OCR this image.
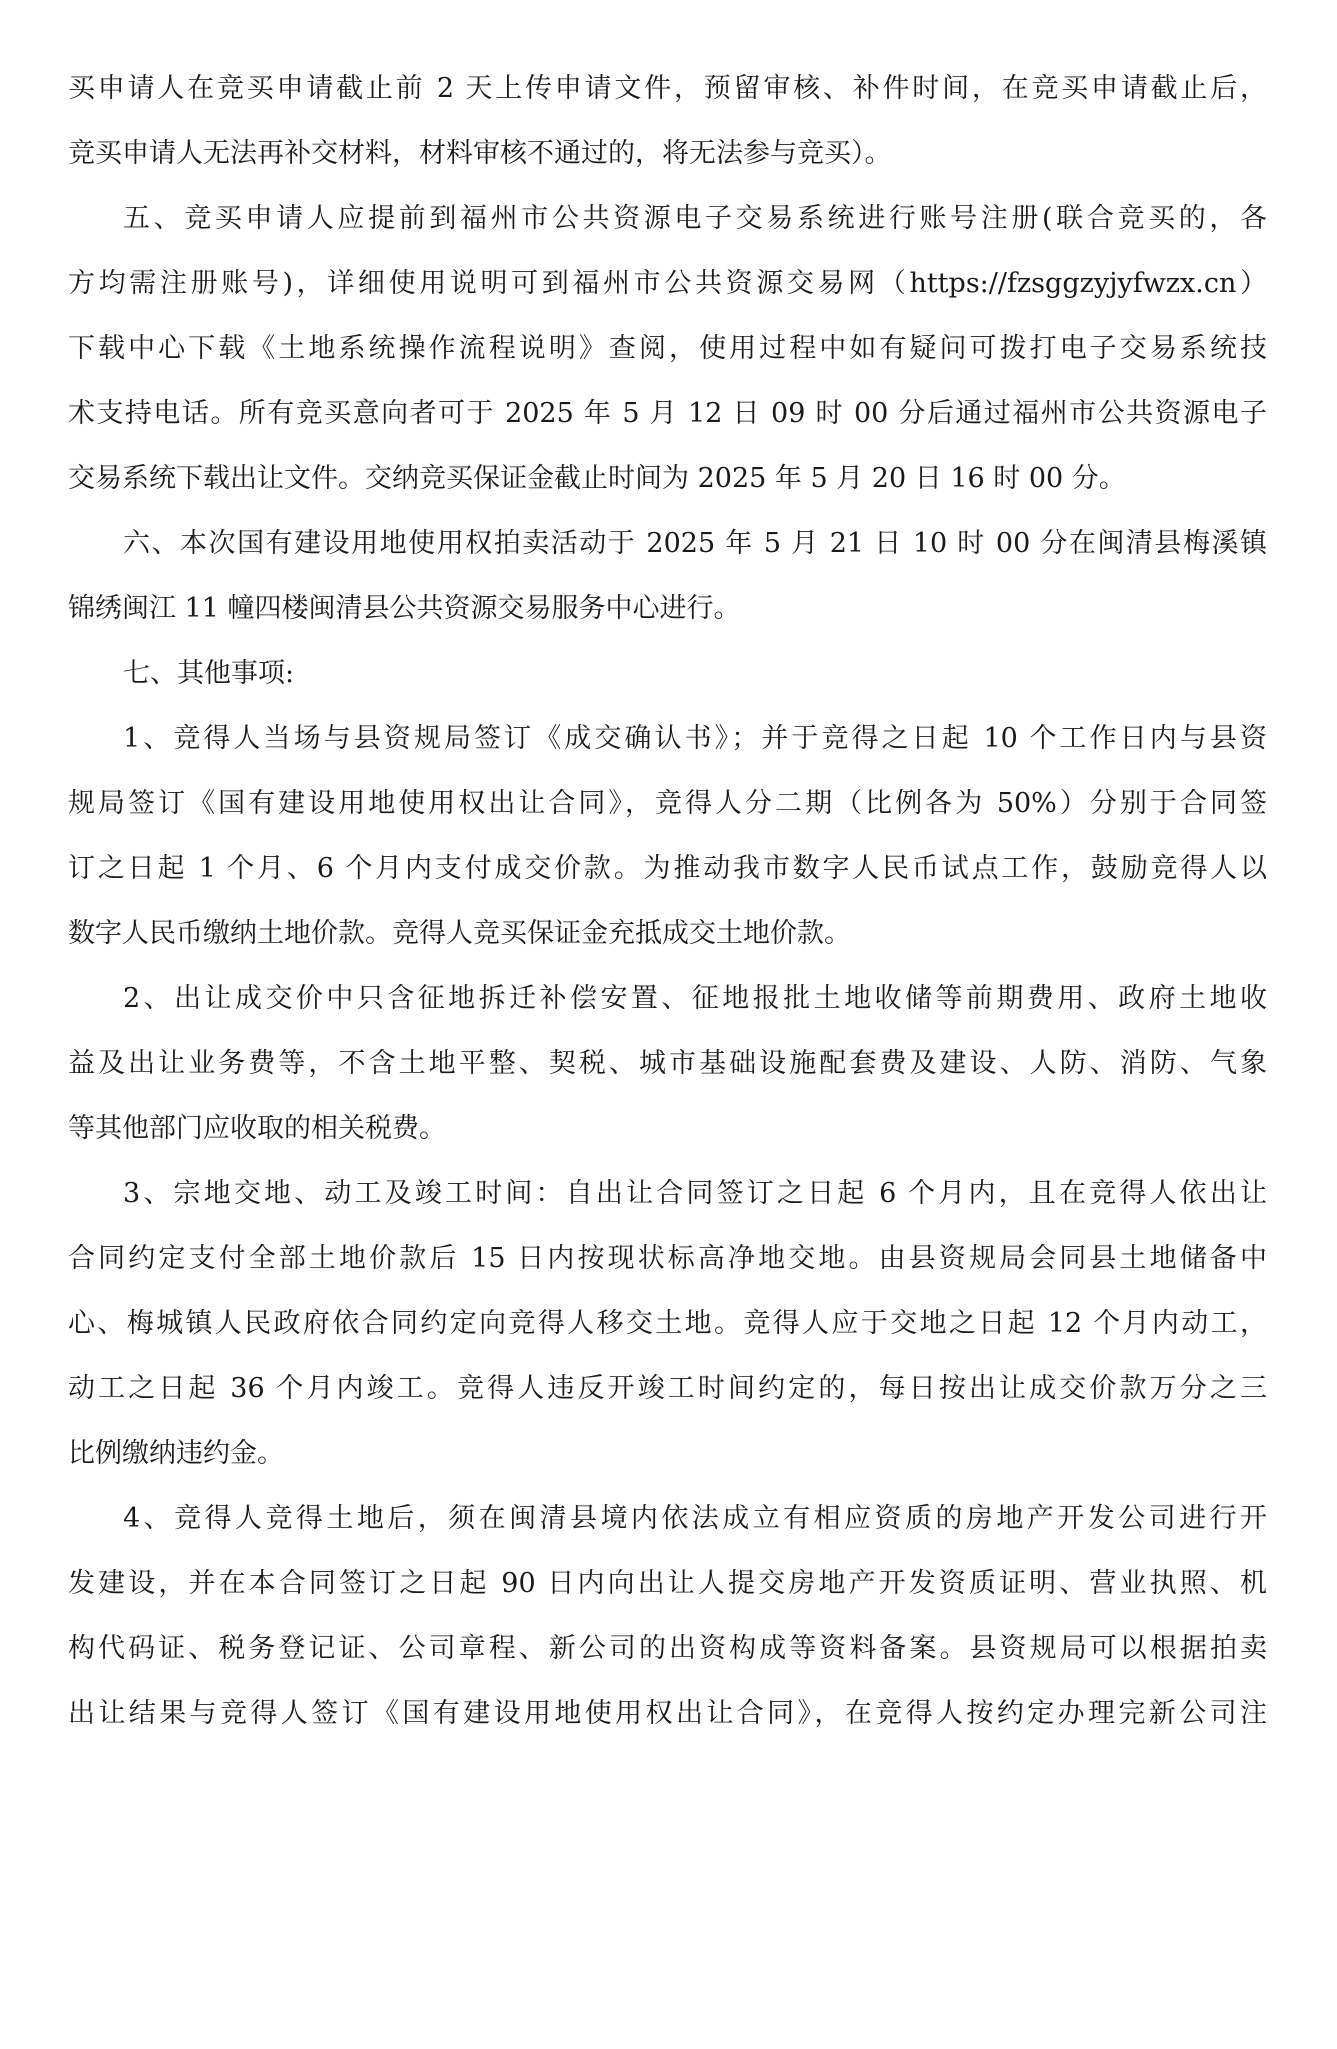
买申请人在竞买申请截止前 2 天上传申请文件，预留审核、补件时间，在竞买申请截止后，
竞买申请人无法再补交材料，材料审核不通过的，将无法参与竞买）。
五、竞买申请人应提前到福州市公共资源电子交易系统进行账号注册(联合竞买的，各
方均需注册账号)，详细使用说明可到福州市公共资源交易网（https://fzsggzyjyfwzx.cn）
下载中心下载《土地系统操作流程说明》查阅，使用过程中如有疑问可拨打电子交易系统技
术支持电话。所有竞买意向者可于 2025 年 5 月 12 日 09 时 00 分后通过福州市公共资源电子
交易系统下载出让文件。交纳竞买保证金截止时间为 2025 年 5 月 20 日 16 时 00 分。
六、本次国有建设用地使用权拍卖活动于 2025 年 5 月 21 日 10 时 00 分在闽清县梅溪镇
锦绣闽江 11 幢四楼闽清县公共资源交易服务中心进行。
七、其他事项:
1、竞得人当场与县资规局签订《成交确认书》；并于竞得之日起 10 个工作日内与县资
规局签订《国有建设用地使用权出让合同》，竞得人分二期（比例各为 50%）分别于合同签
订之日起 1 个月、6 个月内支付成交价款。为推动我市数字人民币试点工作，鼓励竞得人以
数字人民币缴纳土地价款。竞得人竞买保证金充抵成交土地价款。
2、出让成交价中只含征地拆迁补偿安置、征地报批土地收储等前期费用、政府土地收
益及出让业务费等，不含土地平整、契税、城市基础设施配套费及建设、人防、消防、气象
等其他部门应收取的相关税费。
3、宗地交地、动工及竣工时间：自出让合同签订之日起 6 个月内，且在竞得人依出让
合同约定支付全部土地价款后 15 日内按现状标高净地交地。由县资规局会同县土地储备中
心、梅城镇人民政府依合同约定向竞得人移交土地。竞得人应于交地之日起 12 个月内动工，
动工之日起 36 个月内竣工。竞得人违反开竣工时间约定的，每日按出让成交价款万分之三
比例缴纳违约金。
4、竞得人竞得土地后，须在闽清县境内依法成立有相应资质的房地产开发公司进行开
发建设，并在本合同签订之日起 90 日内向出让人提交房地产开发资质证明、营业执照、机
构代码证、税务登记证、公司章程、新公司的出资构成等资料备案。县资规局可以根据拍卖
出让结果与竞得人签订《国有建设用地使用权出让合同》，在竞得人按约定办理完新公司注
